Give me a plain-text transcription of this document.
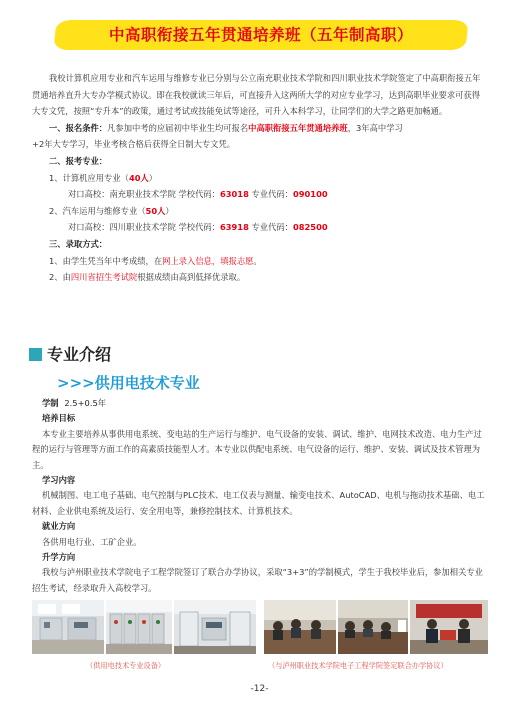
中高职衔接五年贯通培养班（五年制高职）

我校计算机应用专业和汽车运用与维修专业已分别与公立南充职业技术学院和四川职业技术学院签定了中高职衔接五年贯通培养直升大专办学模式协议。即在我校就读三年后，可直接升入这两所大学的对应专业学习，达到高职毕业要求可获得大专文凭，按照“专升本”的政策，通过考试或技能免试等途径，可升入本科学习，让同学们的大学之路更加畅通。

一、报名条件：凡参加中考的应届初中毕业生均可报名中高职衔接五年贯通培养班，3年高中学习

+2年大专学习，毕业考核合格后获得全日制大专文凭。

二、报考专业：

1、计算机应用专业（40人）

对口高校：南充职业技术学院 学校代码：63018 专业代码：090100

2、汽车运用与维修专业（50人）

对口高校：四川职业技术学院 学校代码：63918 专业代码：082500

三、录取方式：

1、由学生凭当年中考成绩，在网上录入信息，填报志愿。

2、由四川省招生考试院根据成绩由高到低择优录取。

专业介绍
>>>供用电技术专业

学制 2.5+0.5年

培养目标

本专业主要培养从事供用电系统、变电站的生产运行与维护、电气设备的安装、调试、维护、电网技术改造、电力生产过程的运行与管理等方面工作的高素质技能型人才。本专业以供配电系统、电气设备的运行、维护、安装、调试及技术管理为主。

学习内容

机械制图、电工电子基础、电气控制与PLC技术、电工仪表与测量、输变电技术、AutoCAD、电机与拖动技术基础、电工材料、企业供电系统及运行、安全用电等，兼修控制技术、计算机技术。

就业方向

各供用电行业、工矿企业。

升学方向

我校与泸州职业技术学院电子工程学院签订了联合办学协议，采取“3+3”的学制模式，学生于我校毕业后，参加相关专业招生考试，经录取升入高校学习。

（供用电技术专业设备）	（与泸州职业技术学院电子工程学院签定联合办学协议）
-12-
